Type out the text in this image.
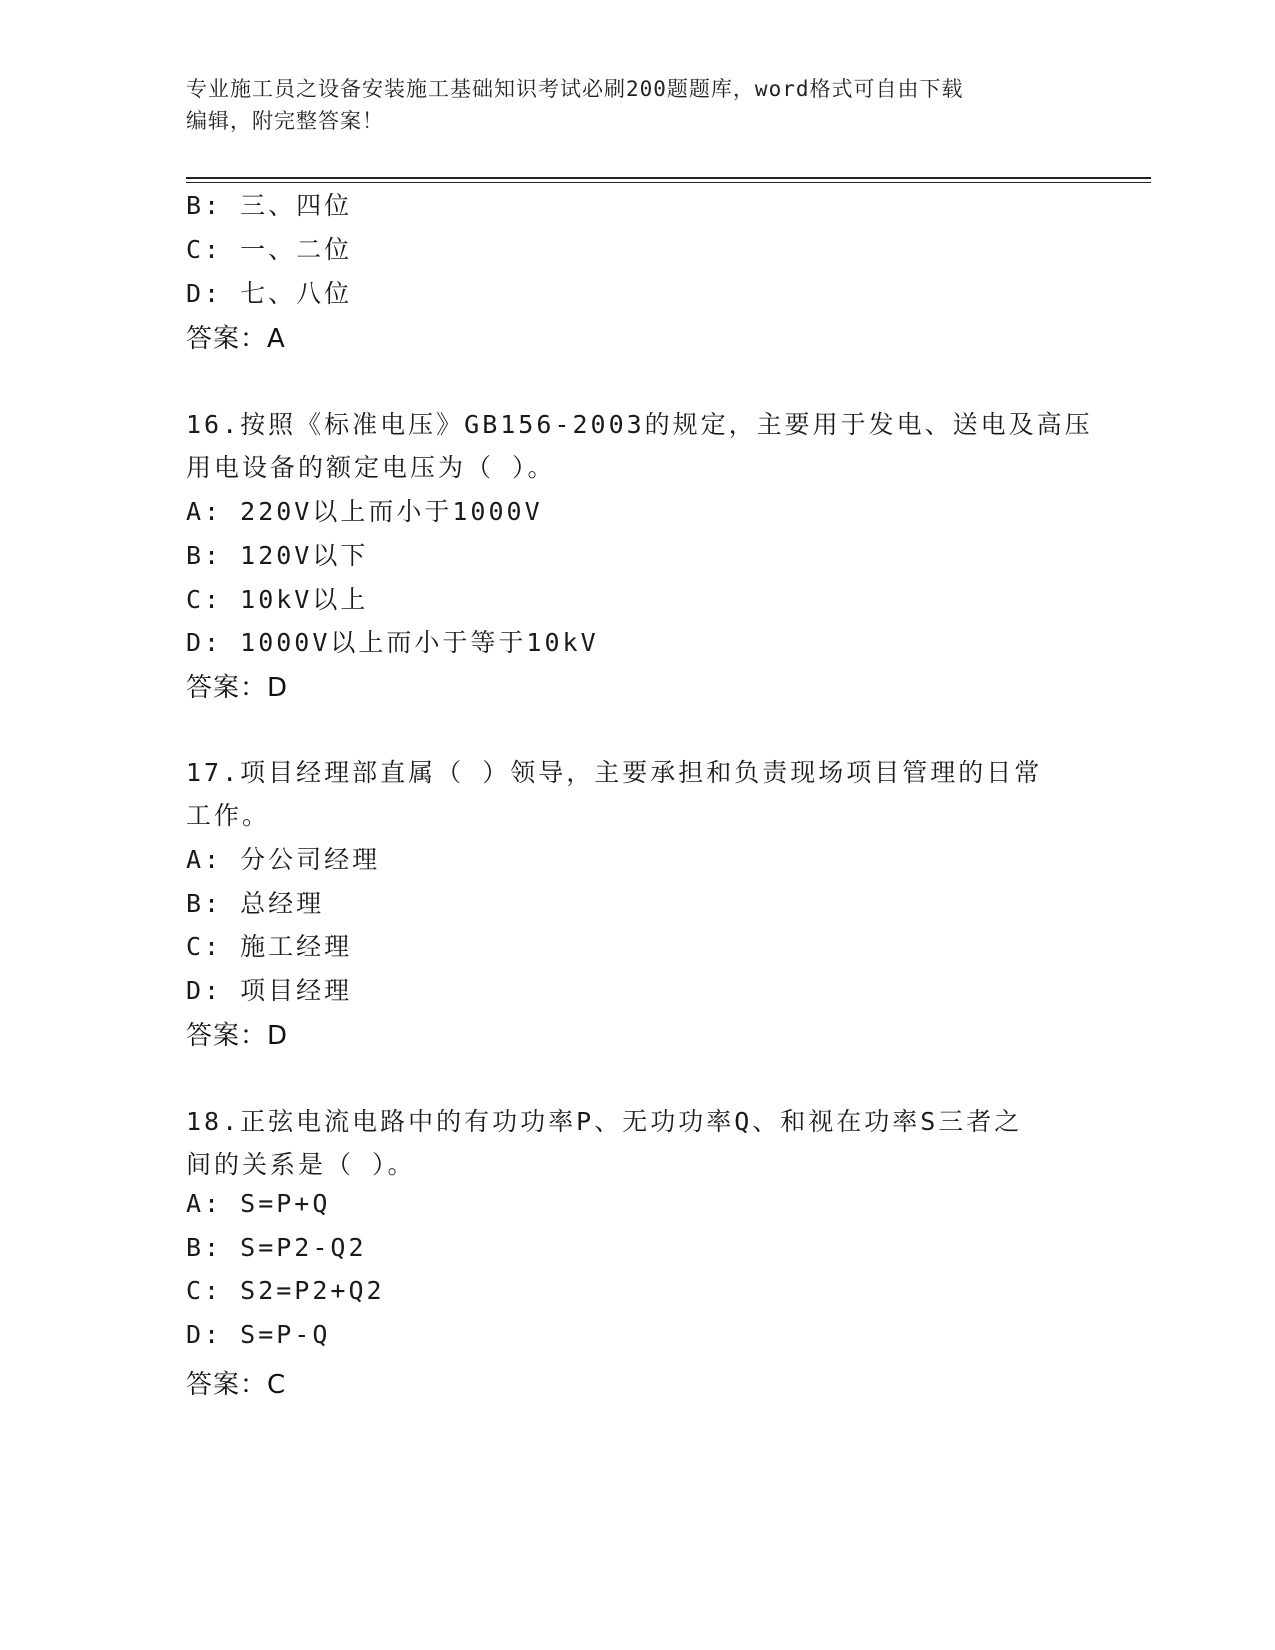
专业施工员之设备安装施工基础知识考试必刷200题题库，word格式可自由下载
编辑，附完整答案！
B: 三、四位
C: 一、二位
D: 七、八位
答案：A
16.按照《标准电压》GB156-2003的规定，主要用于发电、送电及高压
用电设备的额定电压为（ ）。
A: 220V以上而小于1000V
B: 120V以下
C: 10kV以上
D: 1000V以上而小于等于10kV
答案：D
17.项目经理部直属（ ）领导，主要承担和负责现场项目管理的日常
工作。
A: 分公司经理
B: 总经理
C: 施工经理
D: 项目经理
答案：D
18.正弦电流电路中的有功功率P、无功功率Q、和视在功率S三者之
间的关系是（ ）。
A: S=P+Q
B: S=P2-Q2
C: S2=P2+Q2
D: S=P-Q
答案：C
